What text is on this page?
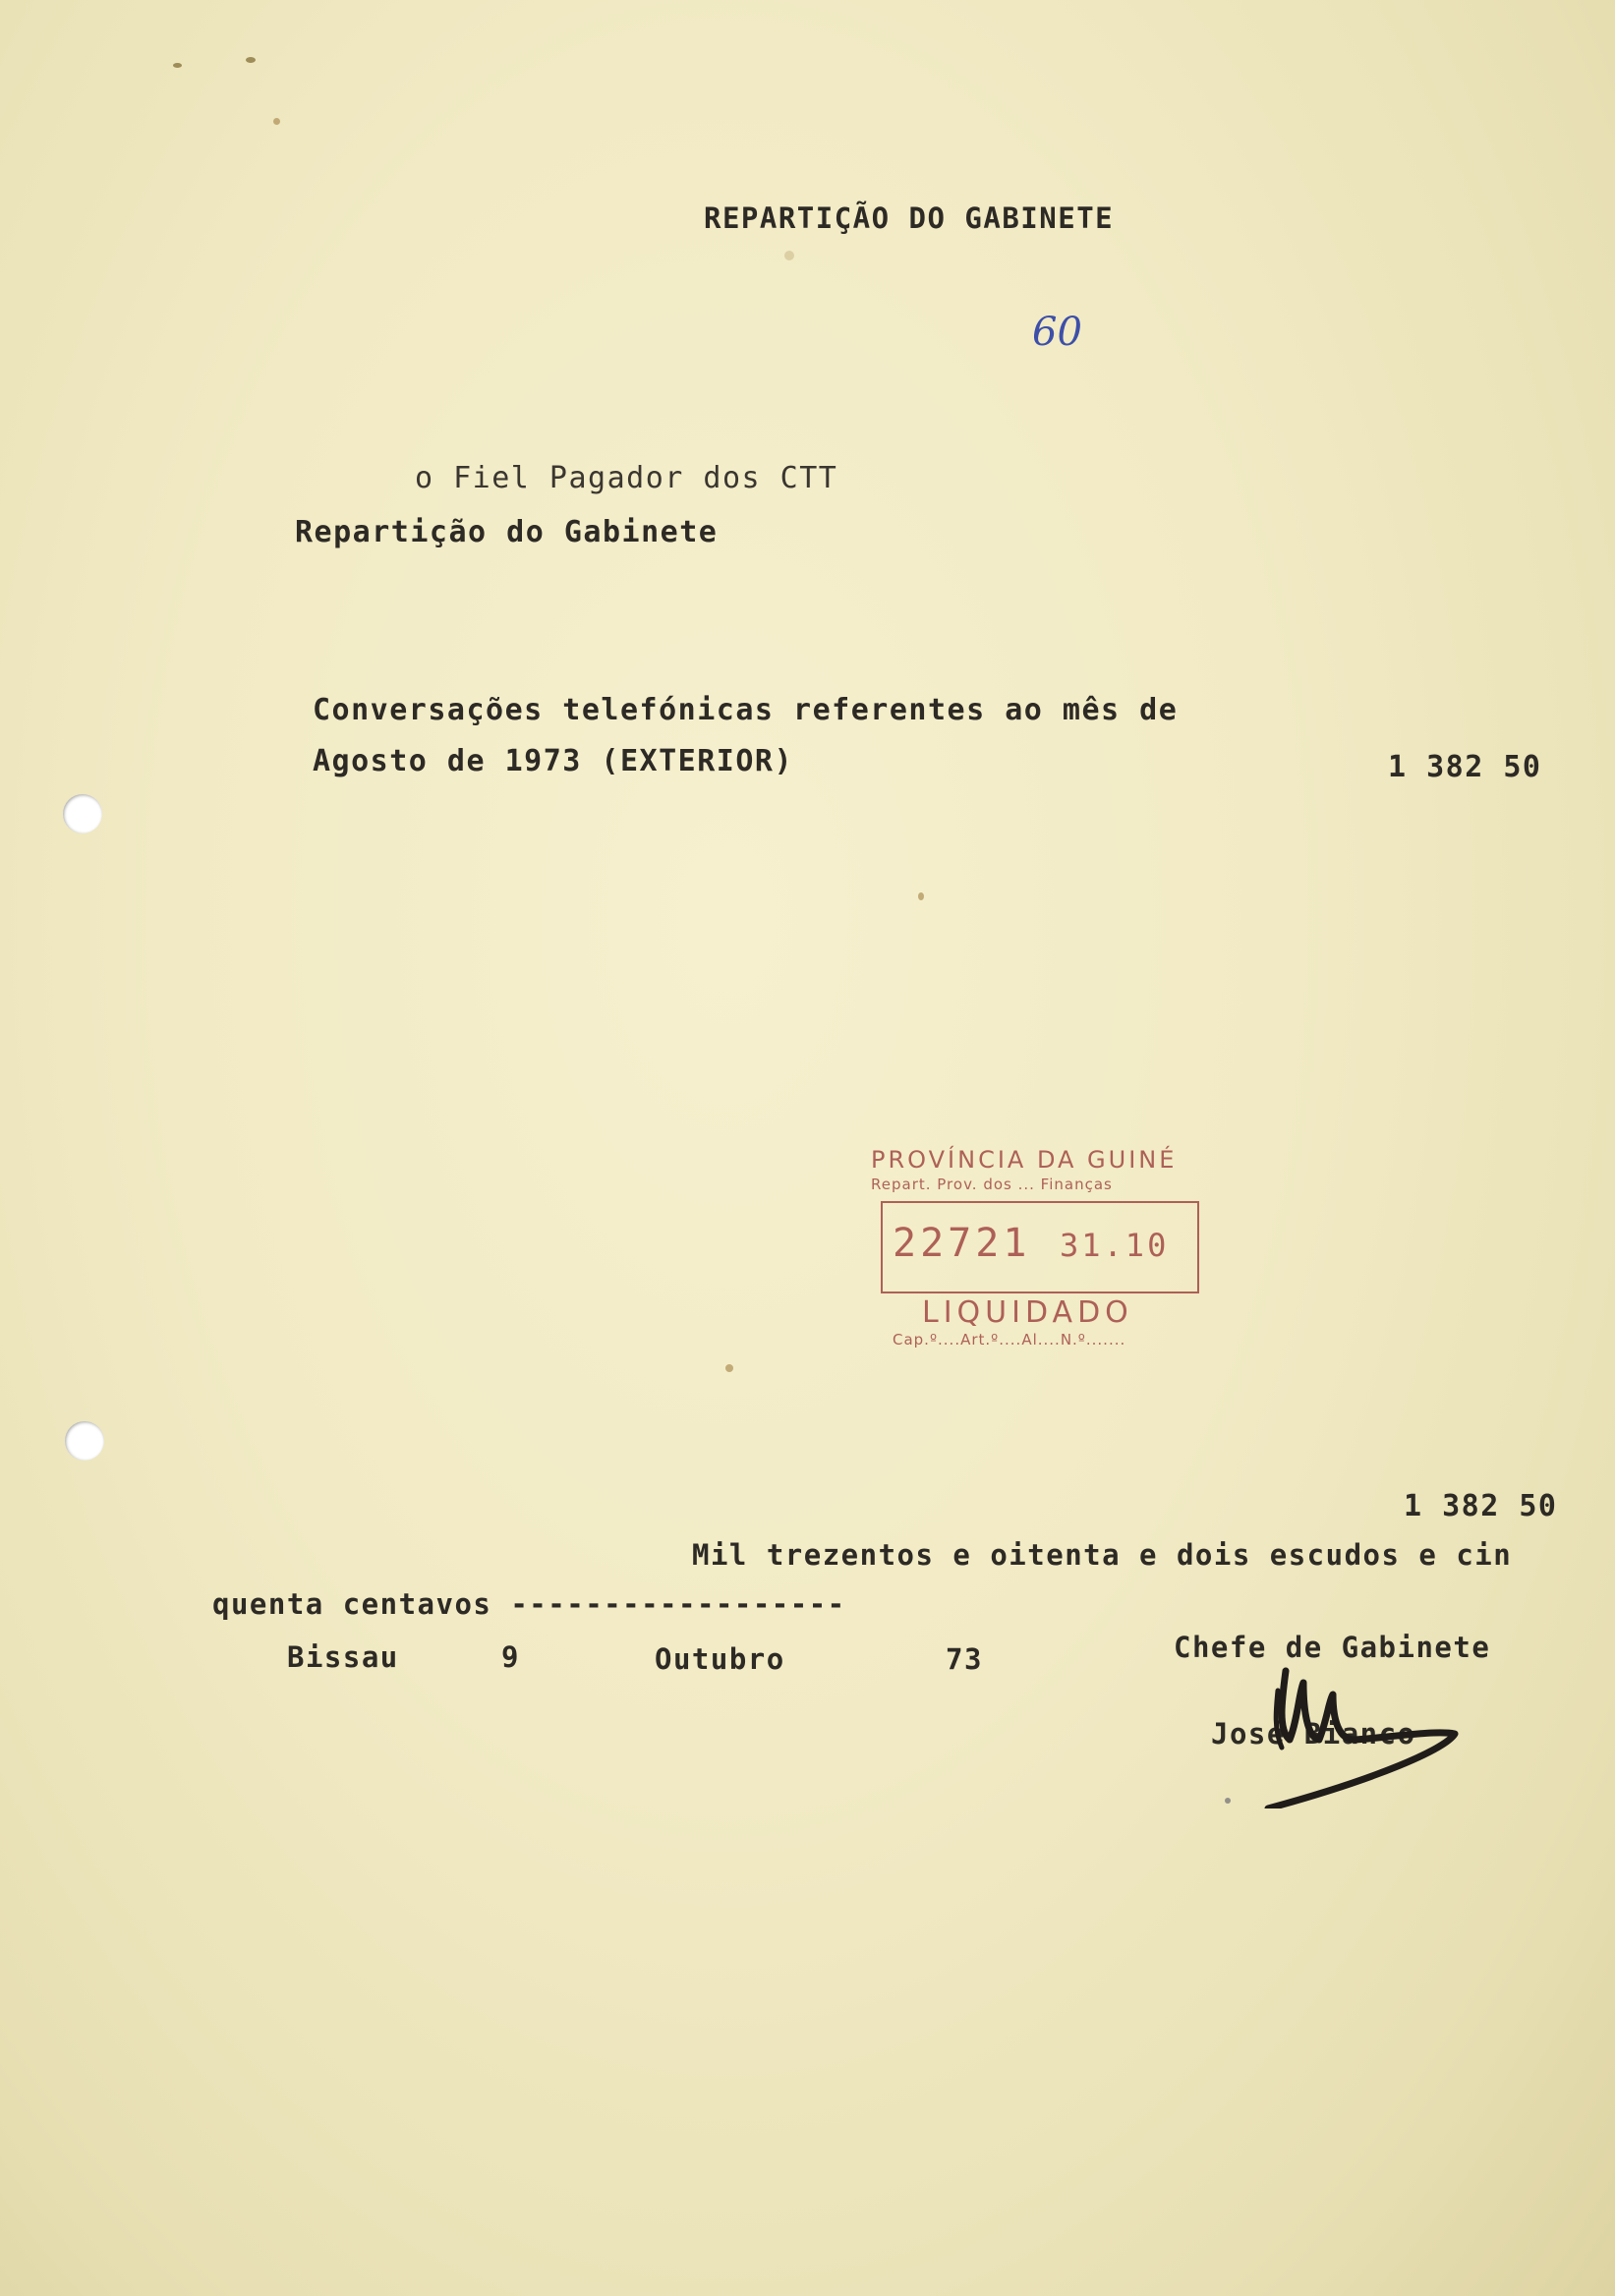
REPARTIÇÃO DO GABINETE
60
o Fiel Pagador dos CTT
Repartição do Gabinete
Conversações telefónicas referentes ao mês de
Agosto de 1973 (EXTERIOR)	1 382 50
PROVÍNCIA DA GUINÉ
Repart. Prov. dos ... Finanças
22721 31.10
LIQUIDADO
Cap.º....Art.º....Al....N.º.......
1 382 50
Mil trezentos e oitenta e dois escudos e cin
quenta centavos ------------------
Bissau	9	Outubro	73	Chefe de Gabinete
José Bianco
